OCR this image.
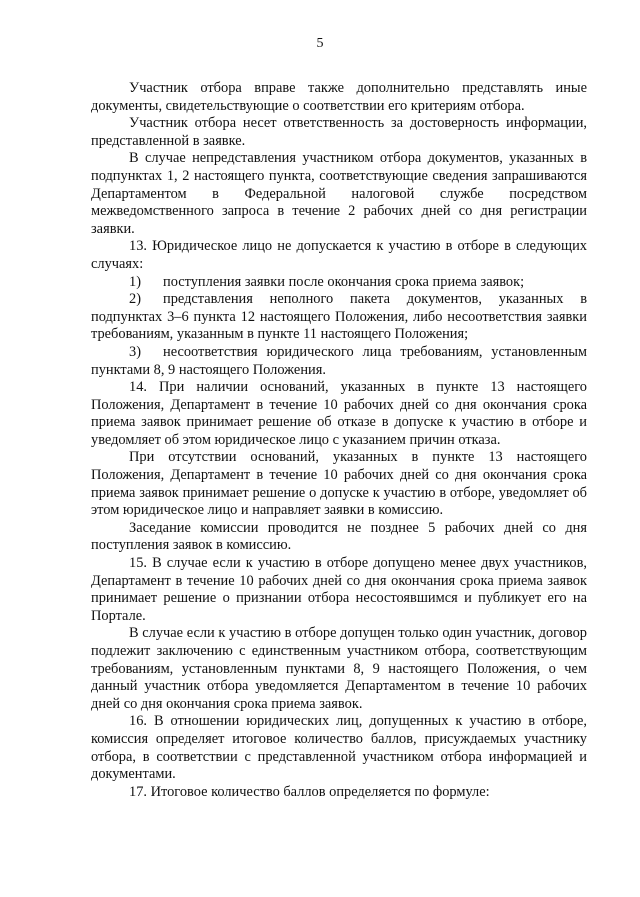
5

Участник отбора вправе также дополнительно представлять иные документы, свидетельствующие о соответствии его критериям отбора.

Участник отбора несет ответственность за достоверность информации, представленной в заявке.

В случае непредставления участником отбора документов, указанных в подпунктах 1, 2 настоящего пункта, соответствующие сведения запрашиваются Департаментом в Федеральной налоговой службе посредством межведомственного запроса в течение 2 рабочих дней со дня регистрации заявки.

13. Юридическое лицо не допускается к участию в отборе в следующих случаях:

1) поступления заявки после окончания срока приема заявок;

2) представления неполного пакета документов, указанных в подпунктах 3–6 пункта 12 настоящего Положения, либо несоответствия заявки требованиям, указанным в пункте 11 настоящего Положения;

3) несоответствия юридического лица требованиям, установленным пунктами 8, 9 настоящего Положения.

14. При наличии оснований, указанных в пункте 13 настоящего Положения, Департамент в течение 10 рабочих дней со дня окончания срока приема заявок принимает решение об отказе в допуске к участию в отборе и уведомляет об этом юридическое лицо с указанием причин отказа.

При отсутствии оснований, указанных в пункте 13 настоящего Положения, Департамент в течение 10 рабочих дней со дня окончания срока приема заявок принимает решение о допуске к участию в отборе, уведомляет об этом юридическое лицо и направляет заявки в комиссию.

Заседание комиссии проводится не позднее 5 рабочих дней со дня поступления заявок в комиссию.

15. В случае если к участию в отборе допущено менее двух участников, Департамент в течение 10 рабочих дней со дня окончания срока приема заявок принимает решение о признании отбора несостоявшимся и публикует его на Портале.

В случае если к участию в отборе допущен только один участник, договор подлежит заключению с единственным участником отбора, соответствующим требованиям, установленным пунктами 8, 9 настоящего Положения, о чем данный участник отбора уведомляется Департаментом в течение 10 рабочих дней со дня окончания срока приема заявок.

16. В отношении юридических лиц, допущенных к участию в отборе, комиссия определяет итоговое количество баллов, присуждаемых участнику отбора, в соответствии с представленной участником отбора информацией и документами.

17. Итоговое количество баллов определяется по формуле:
